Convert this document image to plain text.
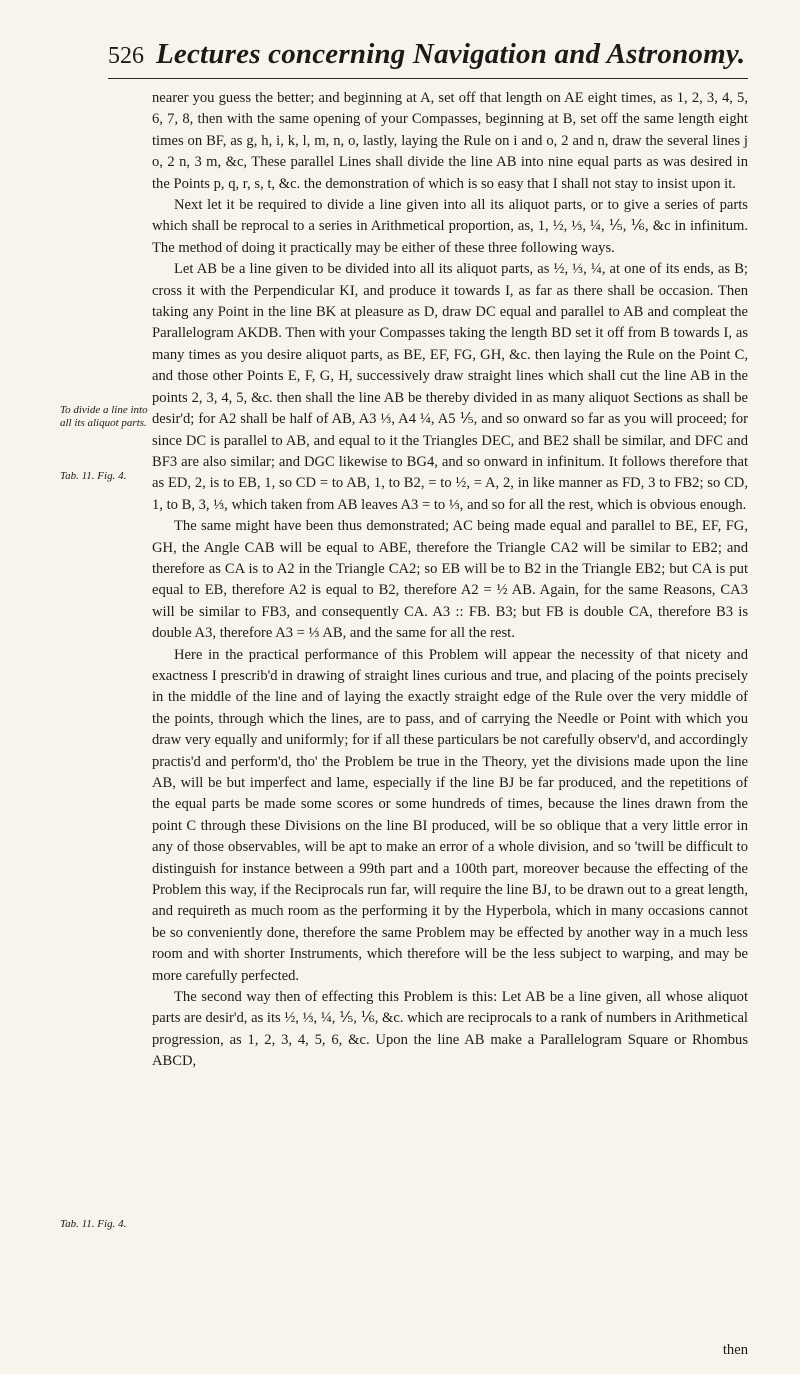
526 Lectures concerning Navigation and Astronomy.
To divide a line into all its aliquot parts.
Tab. 11. Fig. 4.
Tab. 11. Fig. 4.

nearer you guess the better; and beginning at A, set off that length on AE eight times, as 1, 2, 3, 4, 5, 6, 7, 8, then with the same opening of your Compasses, beginning at B, set off the same length eight times on BF, as g, h, i, k, l, m, n, o, lastly, laying the Rule on i and o, 2 and n, draw the several lines j o, 2 n, 3 m, &c, These parallel Lines shall divide the line AB into nine equal parts as was desired in the Points p, q, r, s, t, &c. the demonstration of which is so easy that I shall not stay to insist upon it.

Next let it be required to divide a line given into all its aliquot parts, or to give a series of parts which shall be reprocal to a series in Arithmetical proportion, as, 1, ½, ⅓, ¼, ⅕, ⅙, &c in infinitum. The method of doing it practically may be either of these three following ways.

Let AB be a line given to be divided into all its aliquot parts, as ½, ⅓, ¼, at one of its ends, as B; cross it with the Perpendicular KI, and produce it towards I, as far as there shall be occasion. Then taking any Point in the line BK at pleasure as D, draw DC equal and parallel to AB and compleat the Parallelogram AKDB. Then with your Compasses taking the length BD set it off from B towards I, as many times as you desire aliquot parts, as BE, EF, FG, GH, &c. then laying the Rule on the Point C, and those other Points E, F, G, H, successively draw straight lines which shall cut the line AB in the points 2, 3, 4, 5, &c. then shall the line AB be thereby divided in as many aliquot Sections as shall be desir'd; for A2 shall be half of AB, A3 ⅓, A4 ¼, A5 ⅕, and so onward so far as you will proceed; for since DC is parallel to AB, and equal to it the Triangles DEC, and BE2 shall be similar, and DFC and BF3 are also similar; and DGC likewise to BG4, and so onward in infinitum. It follows therefore that as ED, 2, is to EB, 1, so CD = to AB, 1, to B2, = to ½, = A, 2, in like manner as FD, 3 to FB2; so CD, 1, to B, 3, ⅓, which taken from AB leaves A3 = to ⅓, and so for all the rest, which is obvious enough.

The same might have been thus demonstrated; AC being made equal and parallel to BE, EF, FG, GH, the Angle CAB will be equal to ABE, therefore the Triangle CA2 will be similar to EB2; and therefore as CA is to A2 in the Triangle CA2; so EB will be to B2 in the Triangle EB2; but CA is put equal to EB, therefore A2 is equal to B2, therefore A2 = ½ AB. Again, for the same Reasons, CA3 will be similar to FB3, and consequently CA. A3 :: FB. B3; but FB is double CA, therefore B3 is double A3, therefore A3 = ⅓ AB, and the same for all the rest.

Here in the practical performance of this Problem will appear the necessity of that nicety and exactness I prescrib'd in drawing of straight lines curious and true, and placing of the points precisely in the middle of the line and of laying the exactly straight edge of the Rule over the very middle of the points, through which the lines, are to pass, and of carrying the Needle or Point with which you draw very equally and uniformly; for if all these particulars be not carefully observ'd, and accordingly practis'd and perform'd, tho' the Problem be true in the Theory, yet the divisions made upon the line AB, will be but imperfect and lame, especially if the line BJ be far produced, and the repetitions of the equal parts be made some scores or some hundreds of times, because the lines drawn from the point C through these Divisions on the line BI produced, will be so oblique that a very little error in any of those observables, will be apt to make an error of a whole division, and so 'twill be difficult to distinguish for instance between a 99th part and a 100th part, moreover because the effecting of the Problem this way, if the Reciprocals run far, will require the line BJ, to be drawn out to a great length, and requireth as much room as the performing it by the Hyperbola, which in many occasions cannot be so conveniently done, therefore the same Problem may be effected by another way in a much less room and with shorter Instruments, which therefore will be the less subject to warping, and may be more carefully perfected.

The second way then of effecting this Problem is this: Let AB be a line given, all whose aliquot parts are desir'd, as its ½, ⅓, ¼, ⅕, ⅙, &c. which are reciprocals to a rank of numbers in Arithmetical progression, as 1, 2, 3, 4, 5, 6, &c. Upon the line AB make a Parallelogram Square or Rhombus ABCD,

then
